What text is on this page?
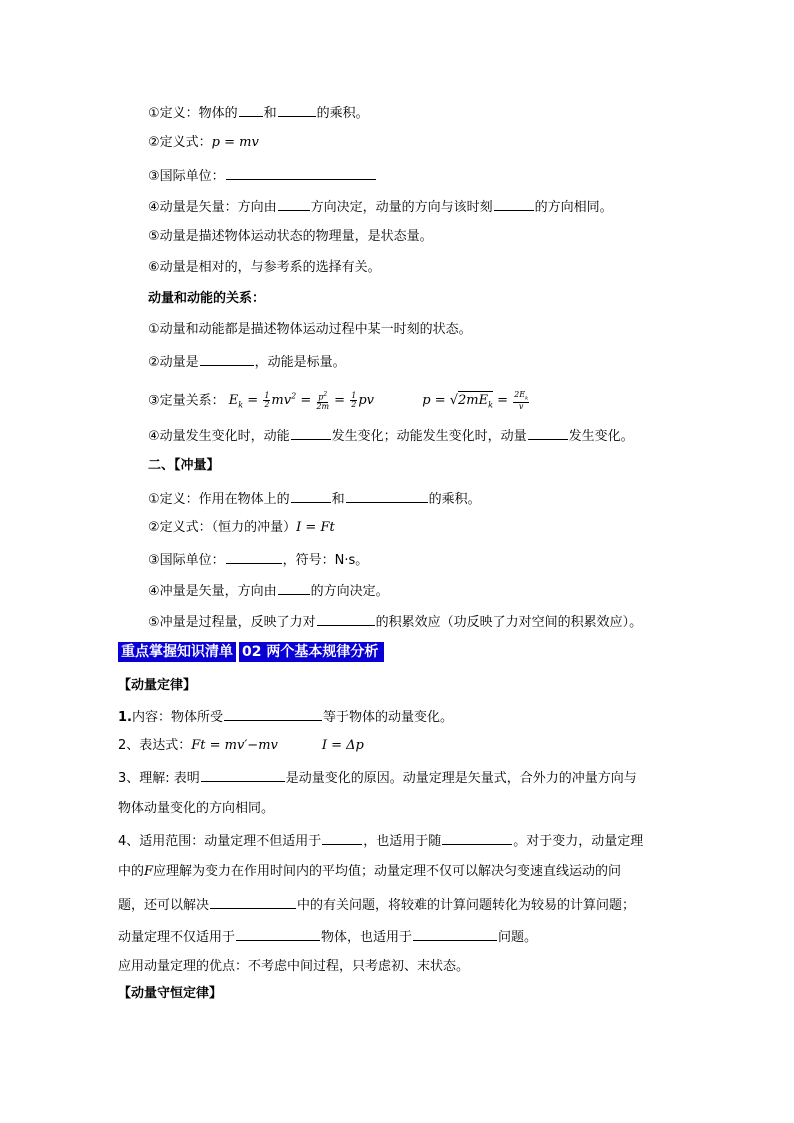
①定义：物体的 和	的乘积。
②定义式：p = mv
③国际单位：
④动量是矢量：方向由	方向决定，动量的方向与该时刻	的方向相同。
⑤动量是描述物体运动状态的物理量，是状态量。
⑥动量是相对的，与参考系的选择有关。
动量和动能的关系：
①动量和动能都是描述物体运动过程中某一时刻的状态。
②动量是	，动能是标量。
③定量关系： $E_k = \frac{1}{2} mv^2 = \frac{p^2}{2m} = \frac{1}{2}$ pv	$p = √2mE_k = \frac{2E_k}{v}$
④动量发生变化时，动能	发生变化；动能发生变化时，动量	发生变化。
二、【冲量】
①定义：作用在物体上的	和	的乘积。
②定义式：（恒力的冲量）I = Ft
③国际单位：	，符号：N·s。
④冲量是矢量，方向由	的方向决定。
⑤冲量是过程量，反映了力对	的积累效应（功反映了力对空间的积累效应）。
重点掌握知识清单 02 两个基本规律分析
【动量定律】
1.内容：物体所受	等于物体的动量变化。
2、表达式：Ft = mv′−mv	I = Δp
3、理解: 表明	是动量变化的原因。动量定理是矢量式，合外力的冲量方向与
物体动量变化的方向相同。
4、适用范围：动量定理不但适用于	，也适用于随	。对于变力，动量定理
中的F应理解为变力在作用时间内的平均值；动量定理不仅可以解决匀变速直线运动的问
题，还可以解决	中的有关问题，将较难的计算问题转化为较易的计算问题；
动量定理不仅适用于	物体，也适用于	问题。
应用动量定理的优点：不考虑中间过程，只考虑初、末状态。
【动量守恒定律】
